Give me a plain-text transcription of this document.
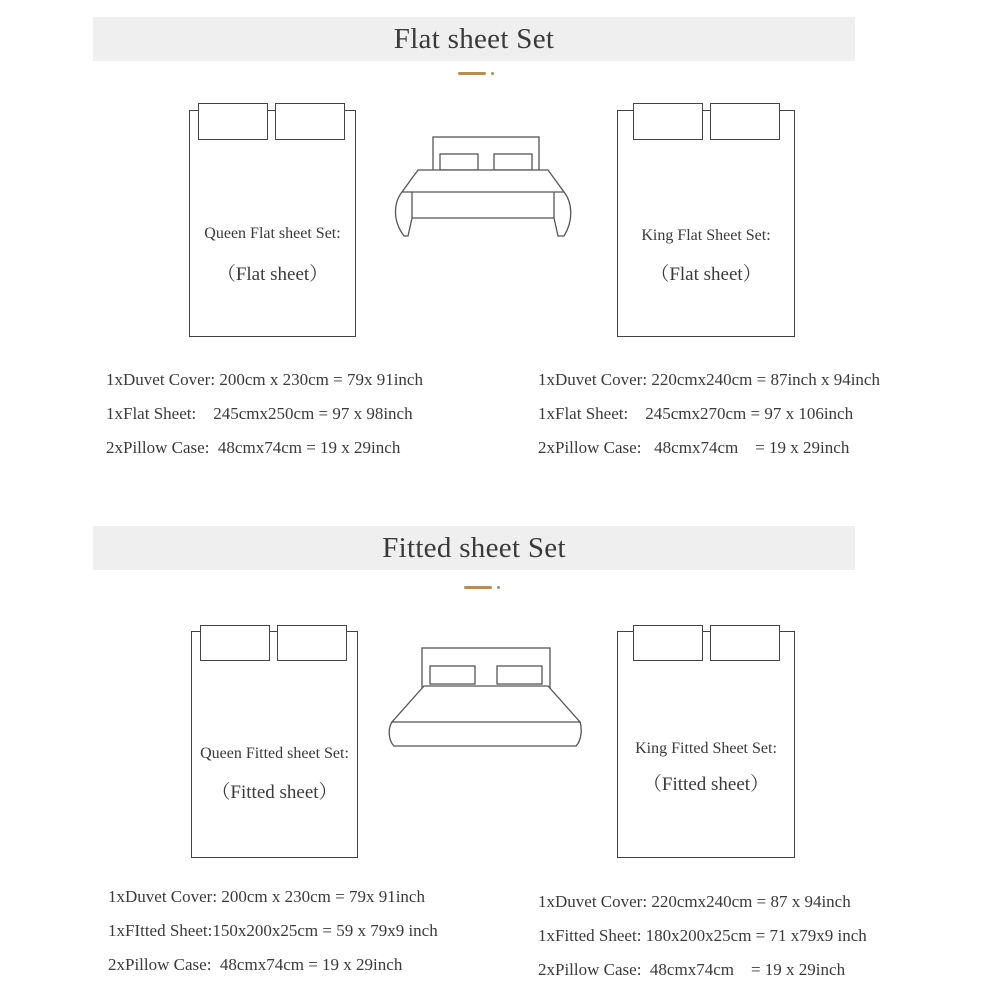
Flat sheet Set
Queen Flat sheet Set:
（Flat sheet）
King Flat Sheet Set:
（Flat sheet）
1xDuvet Cover: 200cm x 230cm = 79x 91inch
1xFlat Sheet:    245cmx250cm = 97 x 98inch
2xPillow Case:  48cmx74cm = 19 x 29inch
1xDuvet Cover: 220cmx240cm = 87inch x 94inch
1xFlat Sheet:    245cmx270cm = 97 x 106inch
2xPillow Case:   48cmx74cm    = 19 x 29inch
Fitted sheet Set
Queen Fitted sheet Set:
（Fitted sheet）
King Fitted Sheet Set:
（Fitted sheet）
1xDuvet Cover: 200cm x 230cm = 79x 91inch
1xFItted Sheet:150x200x25cm = 59 x 79x9 inch
2xPillow Case:  48cmx74cm = 19 x 29inch
1xDuvet Cover: 220cmx240cm = 87 x 94inch
1xFitted Sheet: 180x200x25cm = 71 x79x9 inch
2xPillow Case:  48cmx74cm    = 19 x 29inch
